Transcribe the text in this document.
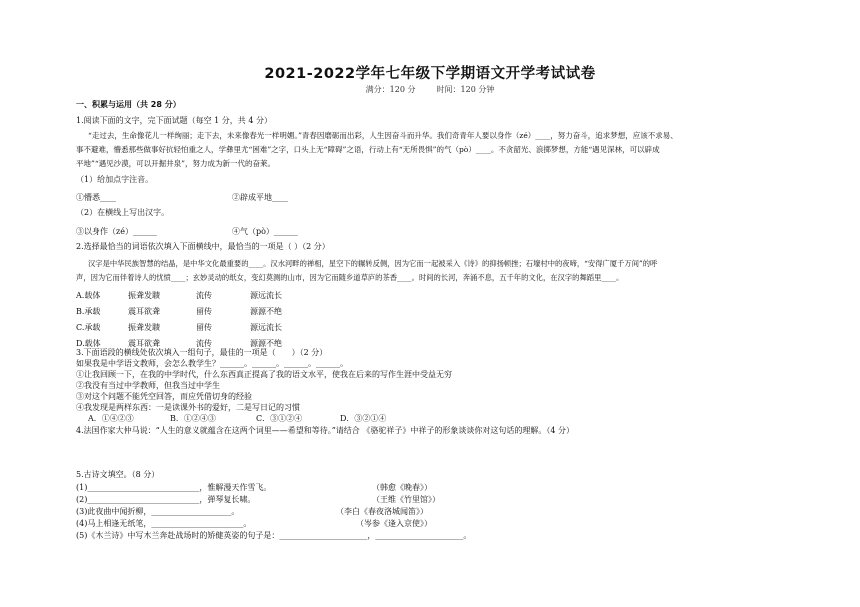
2021-2022学年七年级下学期语文开学考试试卷
满分：120 分	时间：120 分钟
一、积累与运用（共 28 分）
1.阅读下面的文字，完下面试题（每空 1 分，共 4 分）
“走过去，生命像花儿一样绚丽；走下去，未来像春光一样明媚。”青春因磨砺而出彩，人生因奋斗而升华。我们奇青年人要以身作（zé）____，努力奋斗，追求梦想，应该不求易、
事不避难，懵悉那些做事好抗轻怕重之人，学彝里尤“困难”之字，口头上无“障碍”之语，行动上有“无所畏惧”的气（pò）____。不贪韶光、浪掷梦想，方能“遇见深林，可以辟成
平地”“遇见沙漠，可以开掘井泉”，努力成为新一代的奋莱。
（1）给加点字注音。
①懵悉____	②辟成平地____
（2）在横线上写出汉字。
③以身作（zé）______	④气（pò）______
2.选择最恰当的词语依次填入下面横线中，最恰当的一项是（ ）（2 分）
汉字是中华民族智慧的结晶，是中华文化最重要的____。汉水河畔的禅相，星空下的辗转反侧，因为它而一起被采入《诗》的抑扬顿挫；石壕村中的夜啼，“安得广厦千万间”的呼
声，因为它而伴着诗人的忧愤____；玄妙灵动的纸女，变幻莫测的山市，因为它而随乡道草庐的茶香____。时间的长河，奔涌不息，五千年的文化，在汉字的舞蹈里____。
A.载体	振聋发聩	流传	源远流长
B.承载	震耳欲聋	留传	源源不绝
C.承载	振聋发聩	留传	源远流长
D.载体	震耳欲聋	流传	源源不绝
3.下面语段的横线处依次填入一组句子，最佳的一项是（　　）（2 分）
如果我是中学语文教师，会怎么教学生？______。______。______。______。
①让我回顾一下，在我的中学时代，什么东西真正提高了我的语文水平，使我在后来的写作生涯中受益无穷
②我没有当过中学教师，但我当过中学生
③对这个问题不能凭空回答，而应凭借切身的经验
④我发现是两样东西：一是读课外书的爱好，二是写日记的习惯
A．①④②③	B．①②④③	C．③①②④	D．③②①④
4.法国作家大仲马说：“人生的意义就蕴含在这两个词里——希望和等待。”请结合 《骆驼祥子》中祥子的形象谈谈你对这句话的理解。（4 分）
5.古诗文填空。（8 分）
(1)____________________________，惟解漫天作雪飞。	（韩愈《晚春》）
(2)____________________________，弹琴复长啸。	（王维《竹里馆》）
(3)此夜曲中闻折柳，____________________。	（李白《春夜洛城闻笛》）
(4)马上相逢无纸笔，_______________________。	（岑参《逢入京使》）
(5)《木兰诗》中写木兰奔赴战场时的矫健英姿的句子是：______________________，______________________。
